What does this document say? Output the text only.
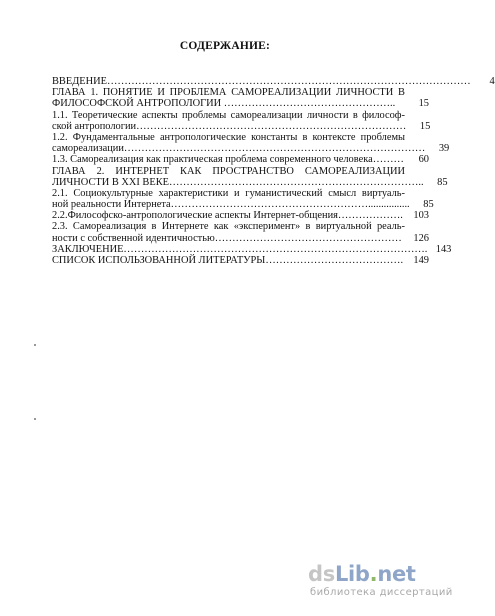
СОДЕРЖАНИЕ:
ВВЕДЕНИЕ……………………………………………………………………………………………	4
ГЛАВА 1. ПОНЯТИЕ И ПРОБЛЕМА САМОРЕАЛИЗАЦИИ ЛИЧНОСТИ В
ФИЛОСОФСКОЙ АНТРОПОЛОГИИ …………………………………………..	15
1.1. Теоретические аспекты проблемы самореализации личности в философ-
ской антропологии……………………………………………………………………	15
1.2. Фундаментальные антропологические константы в контексте проблемы
самореализации……………………………………………………………………………	39
1.3. Самореализация как практическая проблема современного человека………	60
ГЛАВА 2. ИНТЕРНЕТ КАК ПРОСТРАНСТВО САМОРЕАЛИЗАЦИИ
ЛИЧНОСТИ В XXI ВЕКЕ………………………………………………………………..	85
2.1. Социокультурные характеристики и гуманистический смысл виртуаль-
ной реальности Интернета…………………………………………………................	85
2.2.Философско-антропологические аспекты Интернет-общения……………….	103
2.3. Самореализация в Интернете как «эксперимент» в виртуальной реаль-
ности с собственной идентичностью………………………………………………	126
ЗАКЛЮЧЕНИЕ……………………………………………………………………………. 143
СПИСОК ИСПОЛЬЗОВАННОЙ ЛИТЕРАТУРЫ…………………………………. 149
dsLib.net
библиотека диссертаций
